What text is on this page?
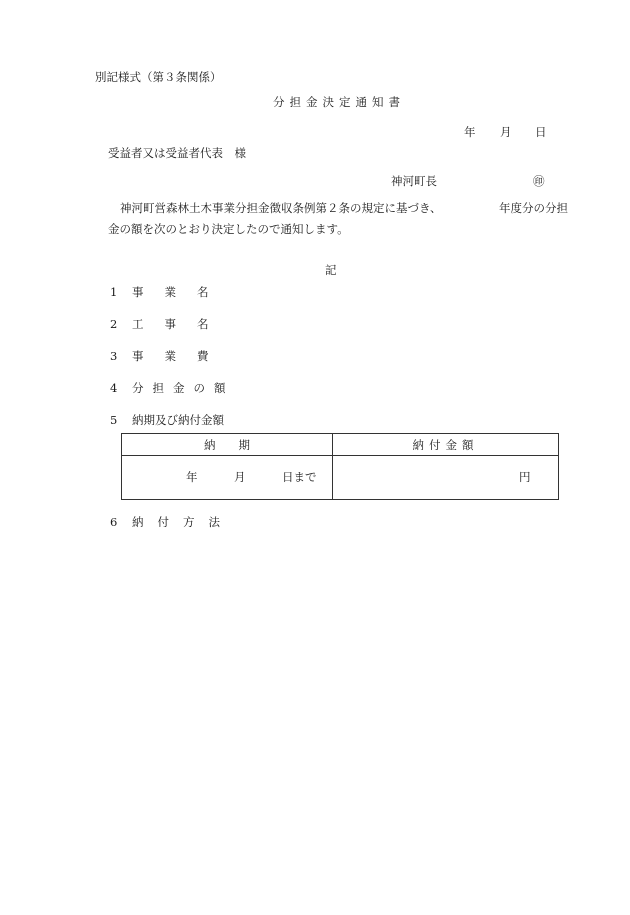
別記様式（第３条関係）
分担金決定通知書
年 月 日
受益者又は受益者代表　様
神河町長	㊞
神河町営森林土木事業分担金徴収条例第２条の規定に基づき、	年度分の分担
金の額を次のとおり決定したので通知します。
記
1 事業名
2 工事名
3 事業費
4 分担金の額
5 納期及び納付金額
6 納付方法
納　　期	納付金額

年 月 日まで	円
